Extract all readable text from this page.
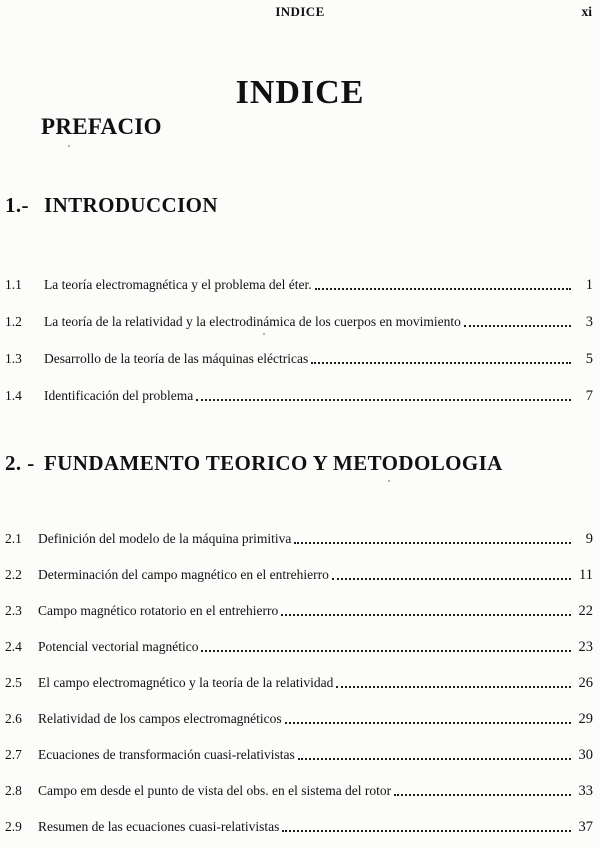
INDICE	xi
INDICE
PREFACIO
1.- INTRODUCCION
1.1	La teoría electromagnética y el problema del éter.	1
1.2	La teoría de la relatividad y la electrodinámica de los cuerpos en movimiento	3
1.3	Desarrollo de la teoría de las máquinas eléctricas	5
1.4	Identificación del problema	7
2. - FUNDAMENTO TEORICO Y METODOLOGIA
2.1	Definición del modelo de la máquina primitiva	9
2.2	Determinación del campo magnético en el entrehierro	11
2.3	Campo magnético rotatorio en el entrehierro	22
2.4	Potencial vectorial magnético	23
2.5	El campo electromagnético y la teoría de la relatividad	26
2.6	Relatividad de los campos electromagnéticos	29
2.7	Ecuaciones de transformación cuasi-relativistas	30
2.8	Campo em desde el punto de vista del obs. en el sistema del rotor	33
2.9	Resumen de las ecuaciones cuasi-relativistas	37
